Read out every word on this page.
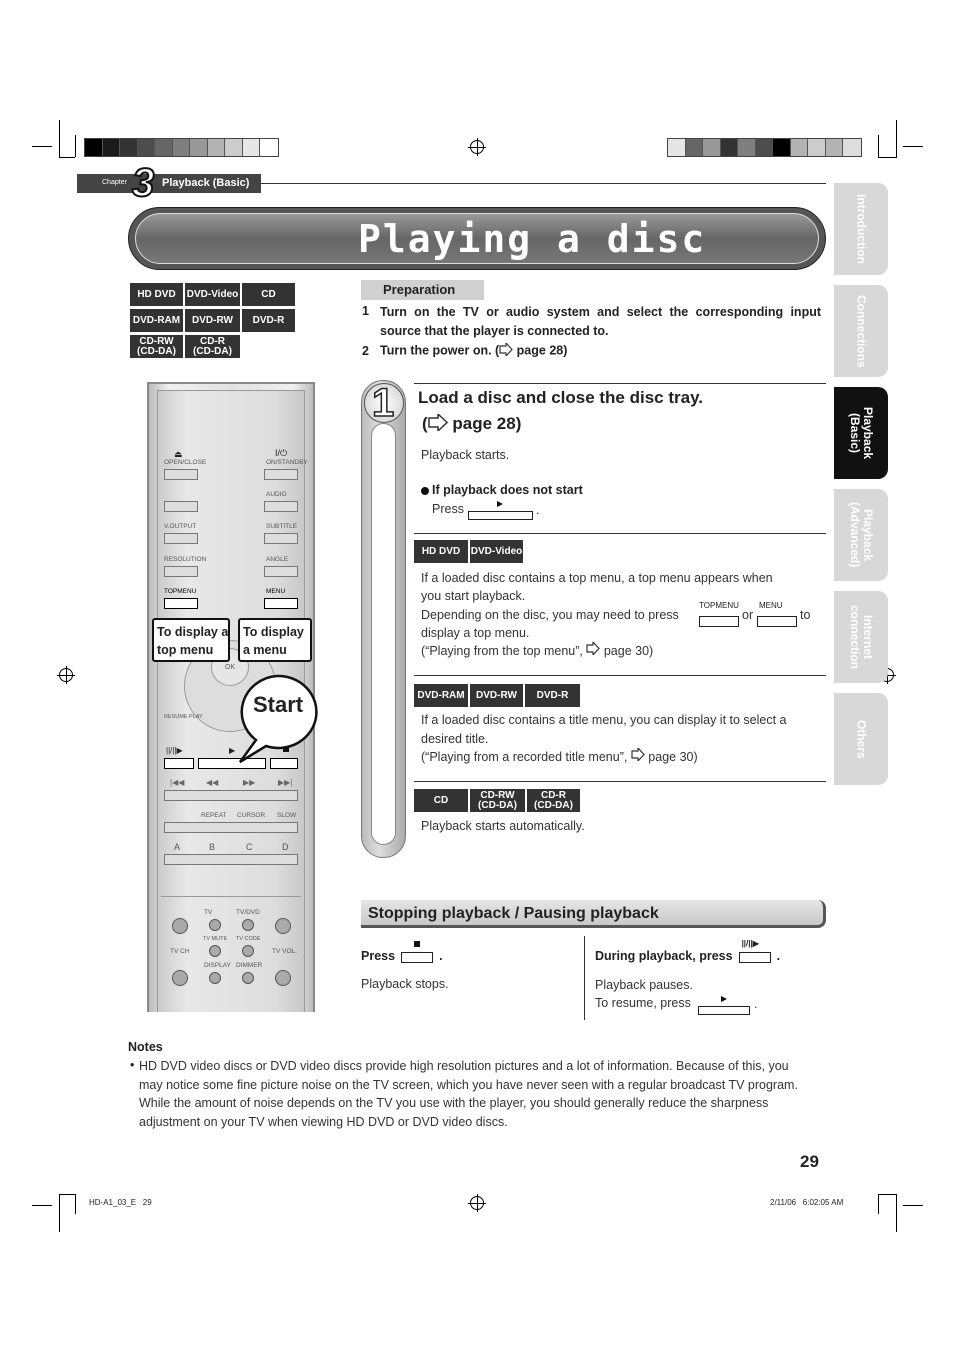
Chapter 3 Playback (Basic)
Playing a disc
HD DVD	DVD-Video	CD
DVD-RAM	DVD-RW	DVD-R
CD-RW
(CD-DA)
CD-R
(CD-DA)
Introduction
Connections
Playback
(Basic)
Playback
(Advanced)
Internet
connection
Others
Preparation
1 Turn on the TV or audio system and select the corresponding input source that the player is connected to.
2 Turn the power on. ( page 28)
1 Load a disc and close the disc tray.
( page 28)
Playback starts.
If playback does not start
Press	.
HD DVD	DVD-Video
If a loaded disc contains a top menu, a top menu appears when
you start playback.
Depending on the disc, you may need to press
TOPMENU
or
MENU
to
display a top menu.
(“Playing from the top menu”,  page 30)
DVD-RAM	DVD-RW	DVD-R
If a loaded disc contains a title menu, you can display it to select a
desired title.
(“Playing from a recorded title menu”,  page 30)
CD	CD-RW
(CD-DA)
CD-R
(CD-DA)
Playback starts automatically.
Stopping playback / Pausing playback
Press	.
Playback stops.
During playback, press
||/||▶
.
Playback pauses.
To resume, press	.
⏏	I/⏻
OPEN/CLOSE	ON/STANDBY
AUDIO
V.OUTPUT	SUBTITLE
RESOLUTION	ANGLE
TOPMENU	MENU
OK
RESUME PLAY
||/||▶	▶
|◀◀	◀◀	▶▶	▶▶|
REPEAT CURSOR SLOW
A	B	C	D
TV	TV/DVD
TV MUTE TV CODE
TV CH	TV VOL.
DISPLAY DIMMER
To display a
top menu
To display
a menu
Start
Notes
• HD DVD video discs or DVD video discs provide high resolution pictures and a lot of information. Because of this, you may notice some fine picture noise on the TV screen, which you have never seen with a regular broadcast TV program. While the amount of noise depends on the TV you use with the player, you should generally reduce the sharpness adjustment on your TV when viewing HD DVD or DVD video discs.
29
HD-A1_03_E   29	2/11/06   6:02:05 AM
